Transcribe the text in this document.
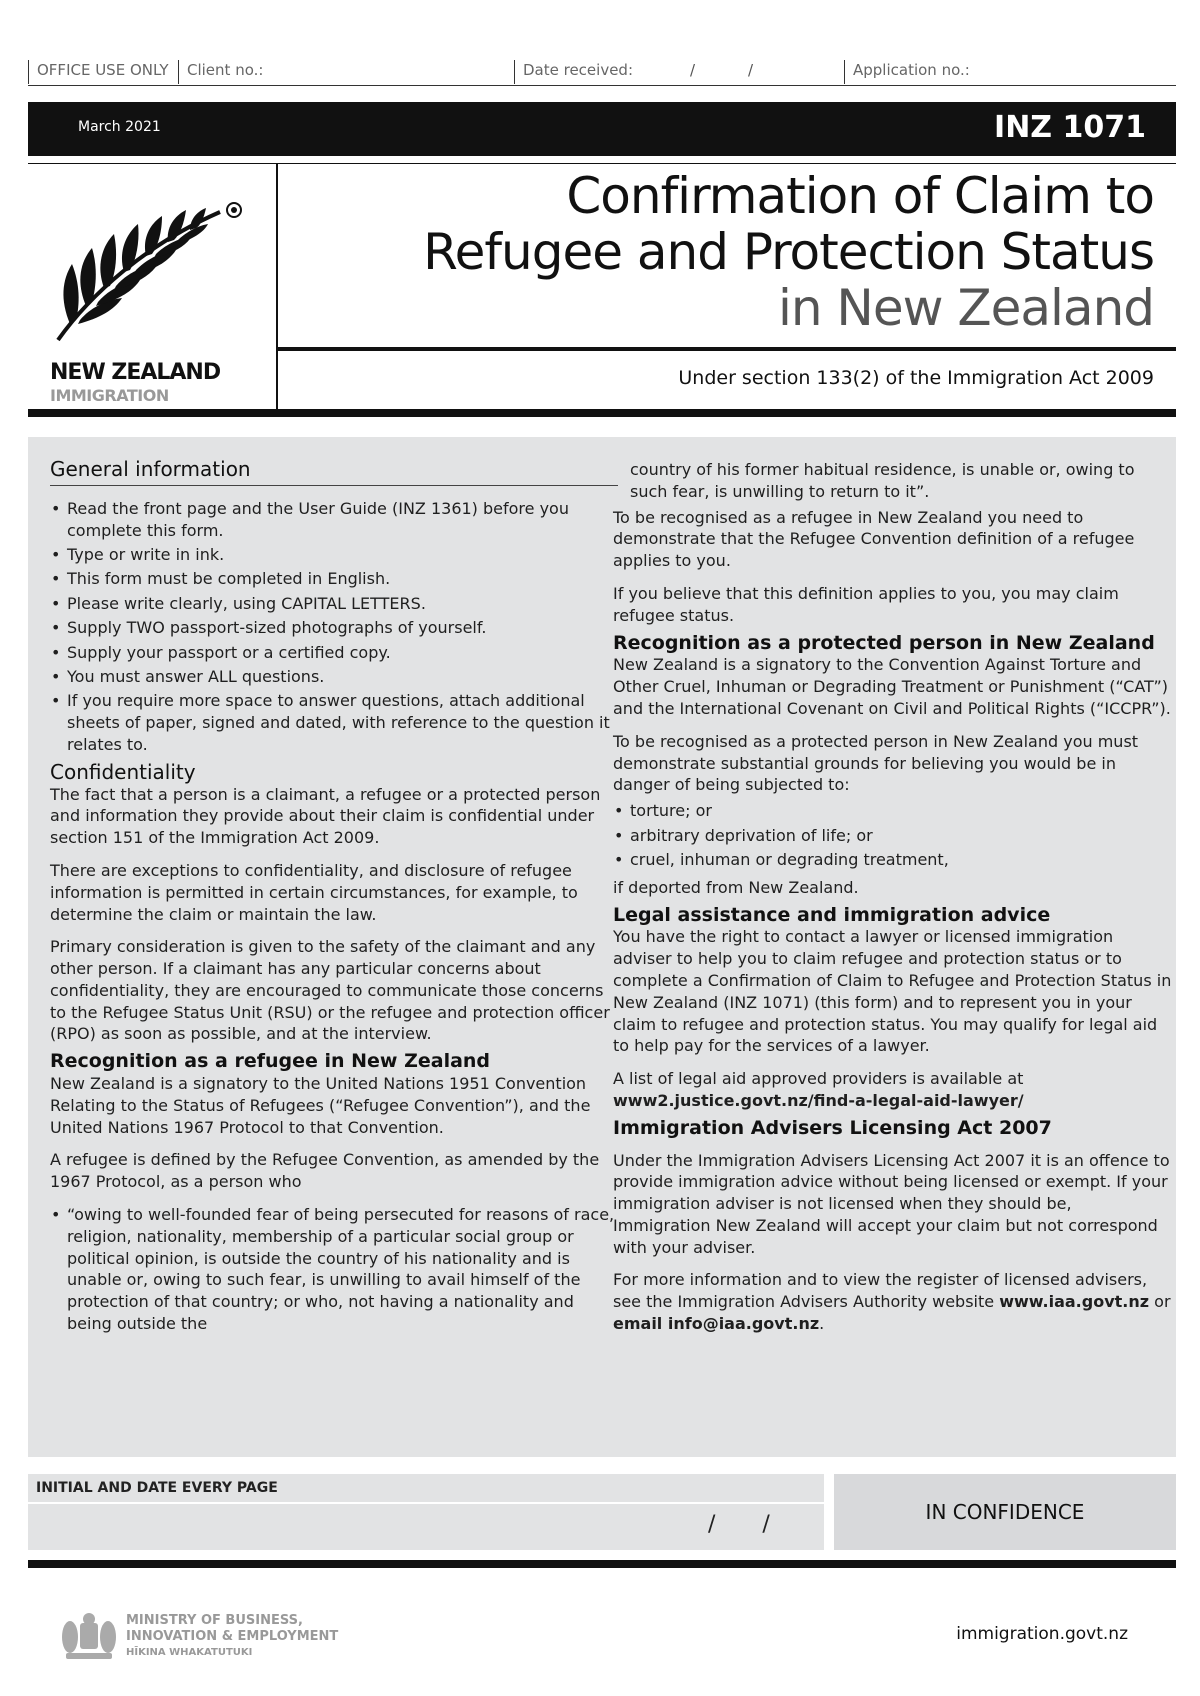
OFFICE USE ONLY	Client no.:	Date received:	/	/	Application no.:
March 2021	INZ 1071
NEW ZEALAND
IMMIGRATION
Confirmation of Claim to
Refugee and Protection Status
in New Zealand
Under section 133(2) of the Immigration Act 2009
General information
• Read the front page and the User Guide (INZ 1361) before you complete this form.
• Type or write in ink.
• This form must be completed in English.
• Please write clearly, using CAPITAL LETTERS.
• Supply TWO passport-sized photographs of yourself.
• Supply your passport or a certified copy.
• You must answer ALL questions.
• If you require more space to answer questions, attach additional sheets of paper, signed and dated, with reference to the question it relates to.
Confidentiality

The fact that a person is a claimant, a refugee or a protected person and information they provide about their claim is confidential under section 151 of the Immigration Act 2009.

There are exceptions to confidentiality, and disclosure of refugee information is permitted in certain circumstances, for example, to determine the claim or maintain the law.

Primary consideration is given to the safety of the claimant and any other person. If a claimant has any particular concerns about confidentiality, they are encouraged to communicate those concerns to the Refugee Status Unit (RSU) or the refugee and protection officer (RPO) as soon as possible, and at the interview.

Recognition as a refugee in New Zealand

New Zealand is a signatory to the United Nations 1951 Convention Relating to the Status of Refugees (“Refugee Convention”), and the United Nations 1967 Protocol to that Convention.

A refugee is defined by the Refugee Convention, as amended by the 1967 Protocol, as a person who

• “owing to well-founded fear of being persecuted for reasons of race, religion, nationality, membership of a particular social group or political opinion, is outside the country of his nationality and is unable or, owing to such fear, is unwilling to avail himself of the protection of that country; or who, not having a nationality and being outside the

country of his former habitual residence, is unable or, owing to such fear, is unwilling to return to it”.

To be recognised as a refugee in New Zealand you need to demonstrate that the Refugee Convention definition of a refugee applies to you.

If you believe that this definition applies to you, you may claim refugee status.

Recognition as a protected person in New Zealand

New Zealand is a signatory to the Convention Against Torture and Other Cruel, Inhuman or Degrading Treatment or Punishment (“CAT”) and the International Covenant on Civil and Political Rights (“ICCPR”).

To be recognised as a protected person in New Zealand you must demonstrate substantial grounds for believing you would be in danger of being subjected to:

• torture; or
• arbitrary deprivation of life; or
• cruel, inhuman or degrading treatment,

if deported from New Zealand.

Legal assistance and immigration advice

You have the right to contact a lawyer or licensed immigration adviser to help you to claim refugee and protection status or to complete a Confirmation of Claim to Refugee and Protection Status in New Zealand (INZ 1071) (this form) and to represent you in your claim to refugee and protection status. You may qualify for legal aid to help pay for the services of a lawyer.

A list of legal aid approved providers is available at
www2.justice.govt.nz/find-a-legal-aid-lawyer/

Immigration Advisers Licensing Act 2007

Under the Immigration Advisers Licensing Act 2007 it is an offence to provide immigration advice without being licensed or exempt. If your immigration adviser is not licensed when they should be, Immigration New Zealand will accept your claim but not correspond with your adviser.

For more information and to view the register of licensed advisers, see the Immigration Advisers Authority website www.iaa.govt.nz or email info@iaa.govt.nz.

INITIAL AND DATE EVERY PAGE
/ /	IN CONFIDENCE
MINISTRY OF BUSINESS,
INNOVATION & EMPLOYMENT
HĪKINA WHAKATUTUKI
immigration.govt.nz
